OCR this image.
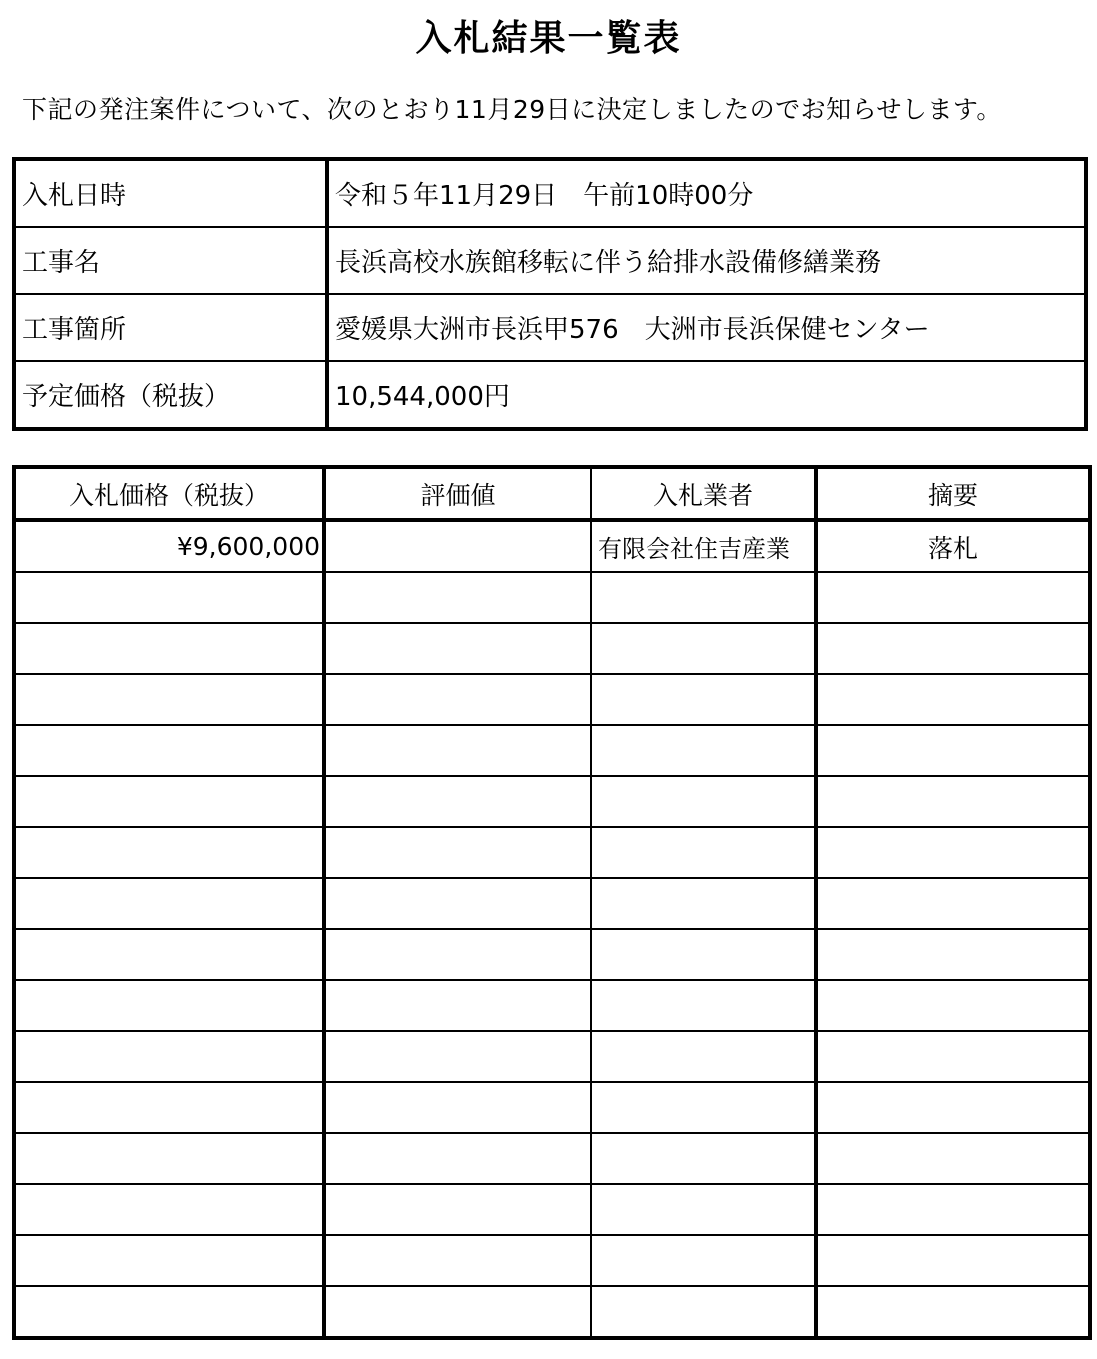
入札結果一覧表
下記の発注案件について、次のとおり11月29日に決定しましたのでお知らせします。
入札日時	令和５年11月29日　午前10時00分
工事名	長浜高校水族館移転に伴う給排水設備修繕業務
工事箇所	愛媛県大洲市長浜甲576　大洲市長浜保健センター
予定価格（税抜）	10,544,000円
入札価格（税抜）	評価値	入札業者	摘要
¥9,600,000		有限会社住吉産業	落札
